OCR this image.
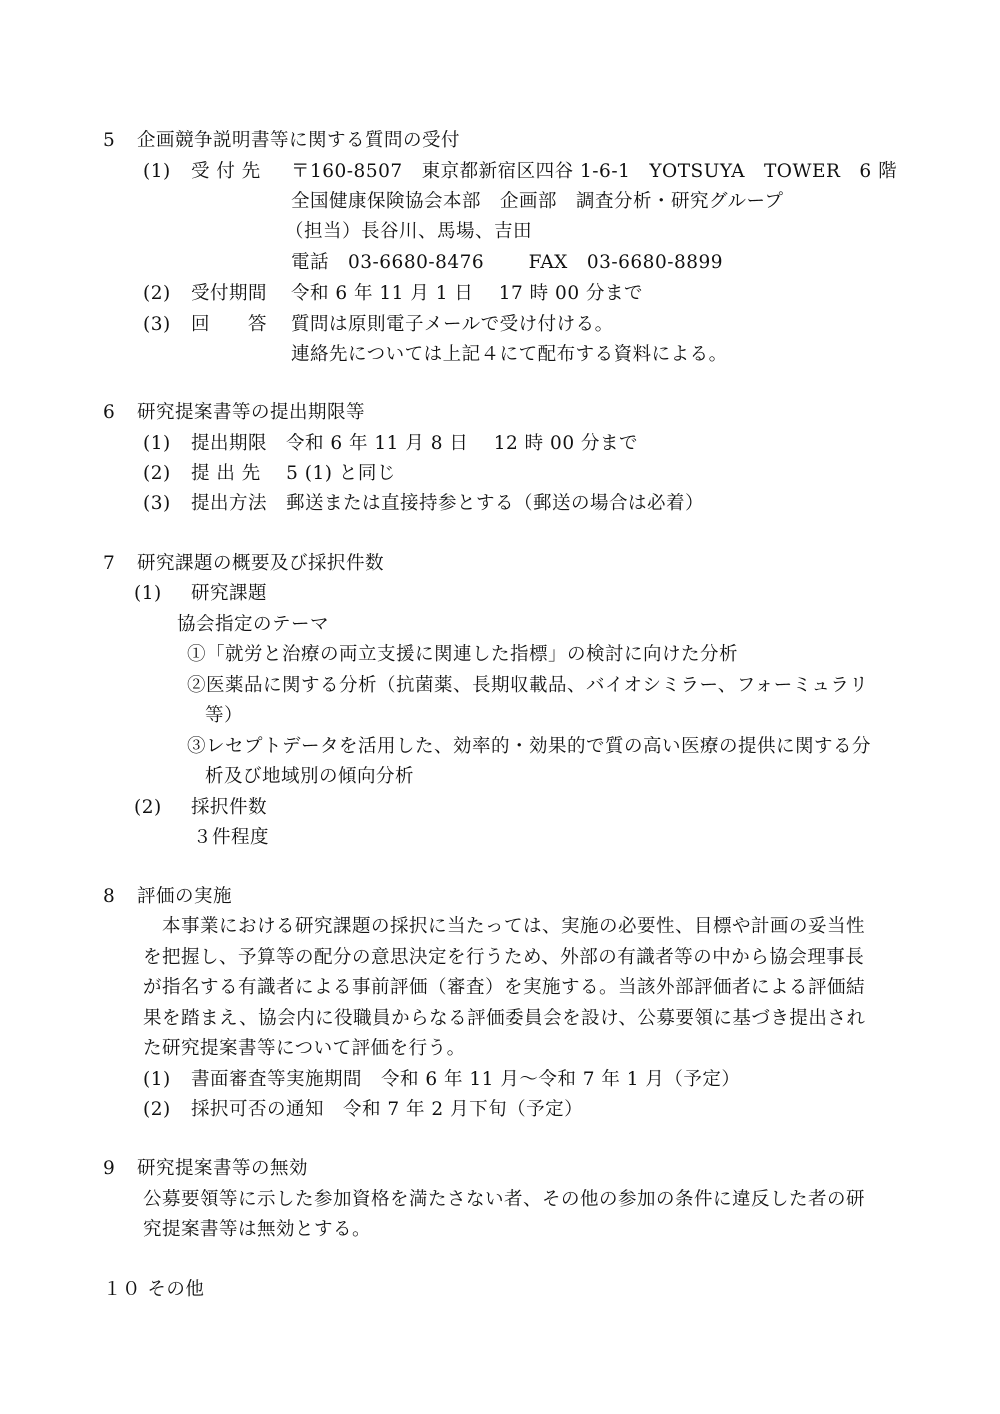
5 企画競争説明書等に関する質問の受付
(1) 受 付 先 〒160-8507　東京都新宿区四谷 1-6-1　YOTSUYA　TOWER　6 階
全国健康保険協会本部　企画部　調査分析・研究グループ
（担当）長谷川、馬場、吉田
電話　03-6680-8476　　 FAX　03-6680-8899
(2) 受付期間 令和 6 年 11 月 1 日　 17 時 00 分まで
(3) 回　　答 質問は原則電子メールで受け付ける。
連絡先については上記４にて配布する資料による。
6 研究提案書等の提出期限等
(1) 提出期限　令和 6 年 11 月 8 日　 12 時 00 分まで
(2) 提 出 先　 5 (1) と同じ
(3) 提出方法　郵送または直接持参とする（郵送の場合は必着）
7 研究課題の概要及び採択件数
(1) 研究課題
協会指定のテーマ
①「就労と治療の両立支援に関連した指標」の検討に向けた分析
②医薬品に関する分析（抗菌薬、長期収載品、バイオシミラー、フォーミュラリ
等）
③レセプトデータを活用した、効率的・効果的で質の高い医療の提供に関する分
析及び地域別の傾向分析
(2) 採択件数
３件程度
8 評価の実施
本事業における研究課題の採択に当たっては、実施の必要性、目標や計画の妥当性
を把握し、予算等の配分の意思決定を行うため、外部の有識者等の中から協会理事長
が指名する有識者による事前評価（審査）を実施する。当該外部評価者による評価結
果を踏まえ、協会内に役職員からなる評価委員会を設け、公募要領に基づき提出され
た研究提案書等について評価を行う。
(1) 書面審査等実施期間　令和 6 年 11 月～令和 7 年 1 月（予定）
(2) 採択可否の通知　令和 7 年 2 月下旬（予定）
9 研究提案書等の無効
公募要領等に示した参加資格を満たさない者、その他の参加の条件に違反した者の研
究提案書等は無効とする。
１０ その他
